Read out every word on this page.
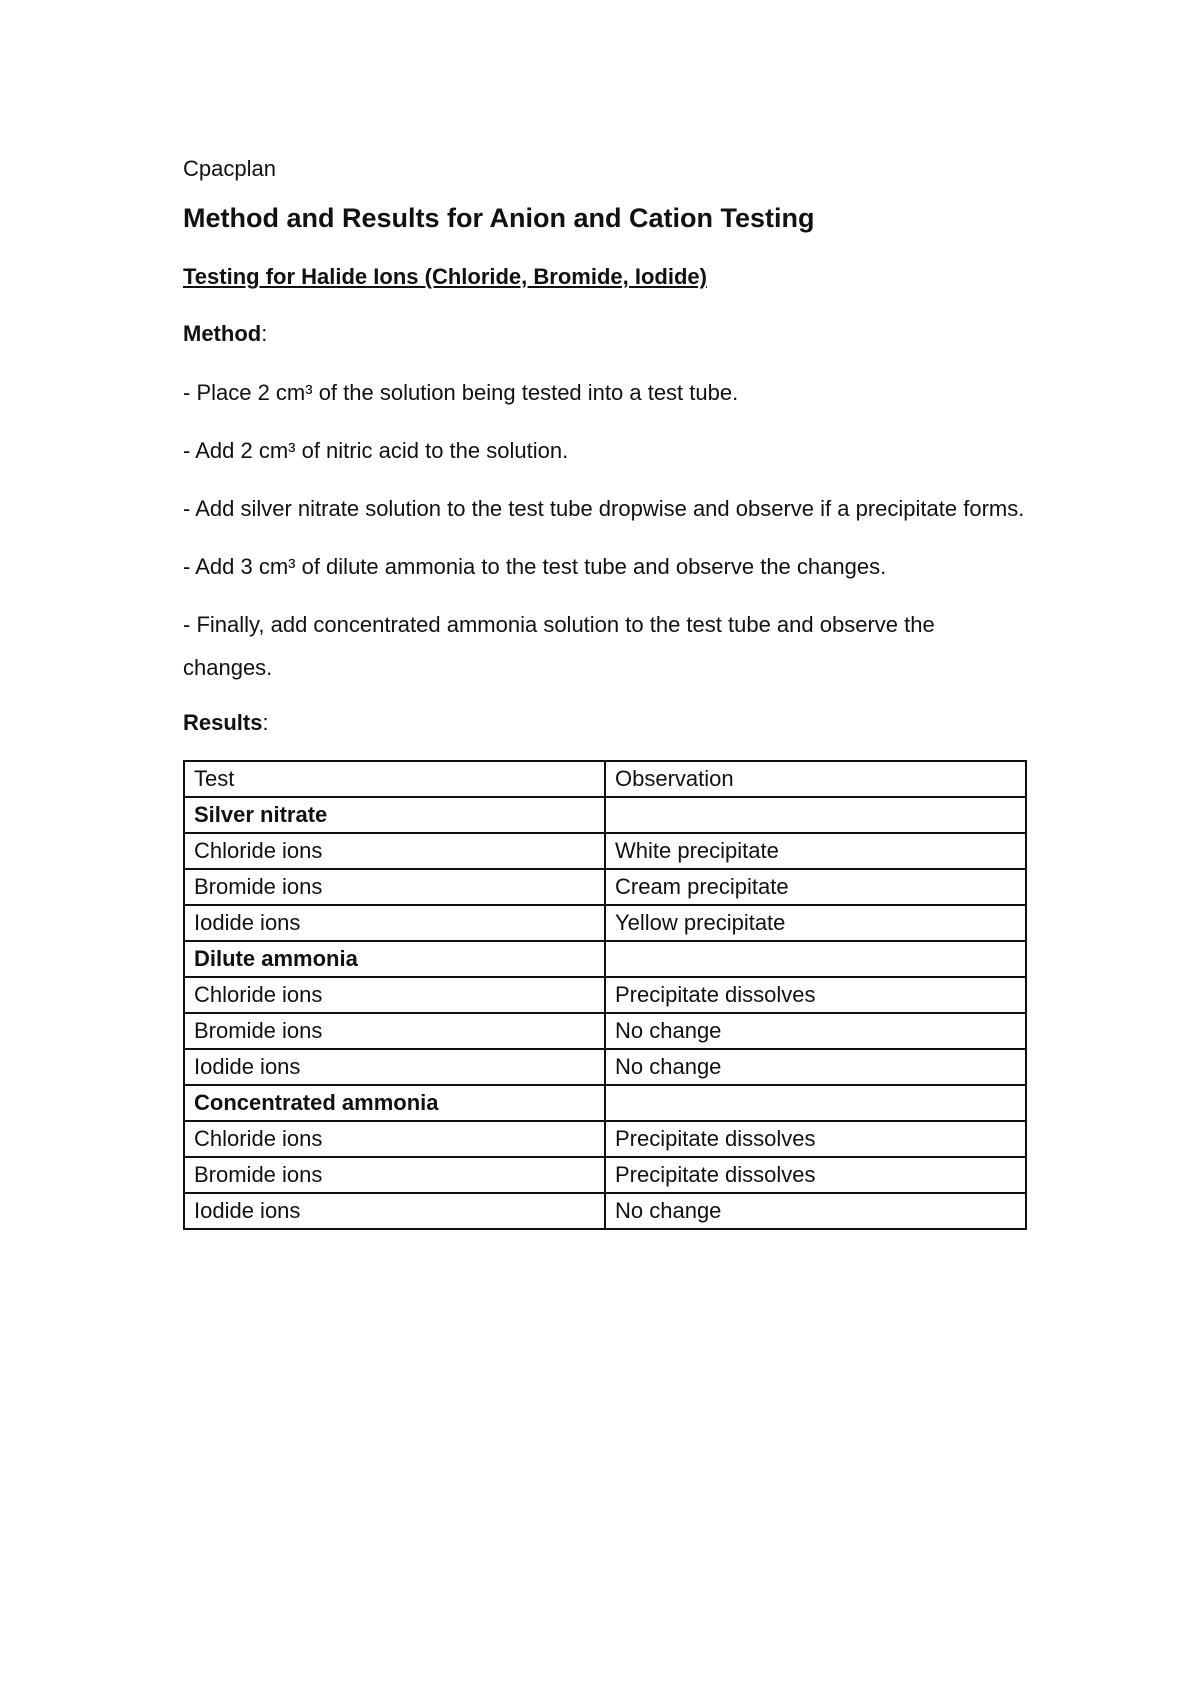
Cpacplan
Method and Results for Anion and Cation Testing
Testing for Halide Ions (Chloride, Bromide, Iodide)
Method:
- Place 2 cm³ of the solution being tested into a test tube.
- Add 2 cm³ of nitric acid to the solution.
- Add silver nitrate solution to the test tube dropwise and observe if a precipitate forms.
- Add 3 cm³ of dilute ammonia to the test tube and observe the changes.
- Finally, add concentrated ammonia solution to the test tube and observe the changes.
Results:
Test	Observation
Silver nitrate	
Chloride ions	White precipitate
Bromide ions	Cream precipitate
Iodide ions	Yellow precipitate
Dilute ammonia	
Chloride ions	Precipitate dissolves
Bromide ions	No change
Iodide ions	No change
Concentrated ammonia	
Chloride ions	Precipitate dissolves
Bromide ions	Precipitate dissolves
Iodide ions	No change
